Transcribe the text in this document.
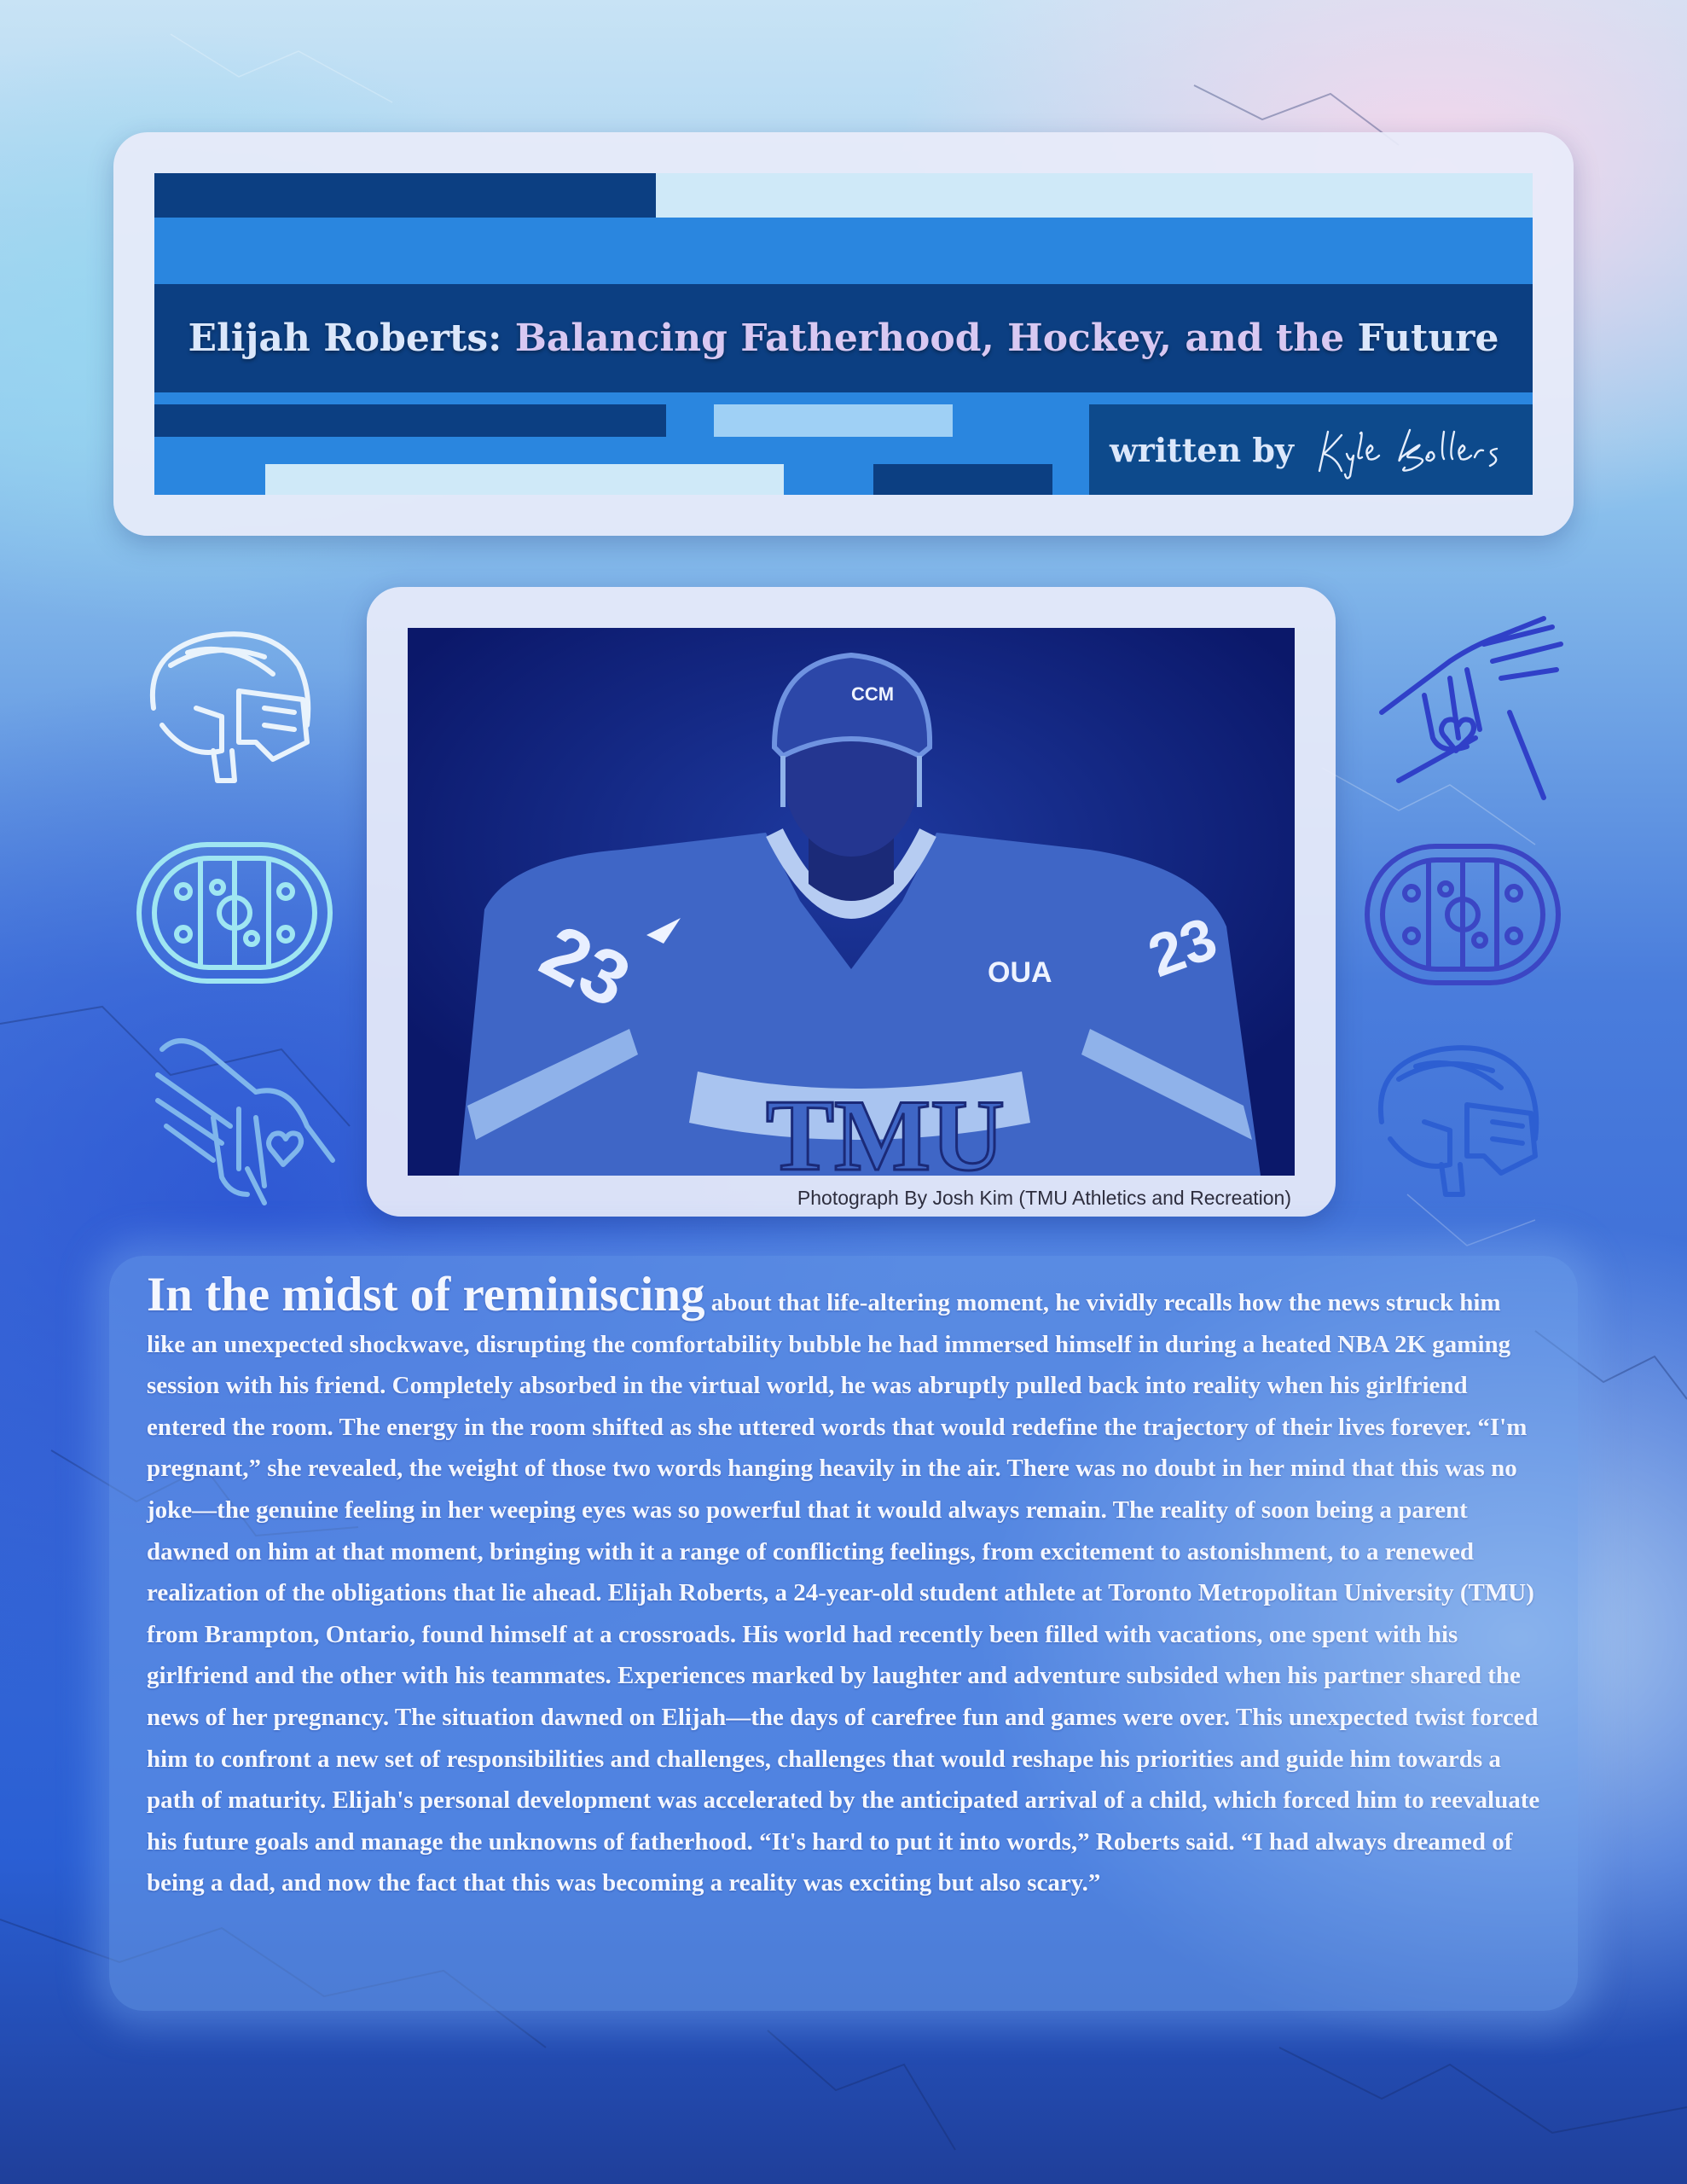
Elijah Roberts: Balancing Fatherhood, Hockey, and the Future
written by
23	23
OUA
TMU
CCM
Photograph By Josh Kim (TMU Athletics and Recreation)

In the midst of reminiscing about that life-altering moment, he vividly recalls how the news struck him like an unexpected shockwave, disrupting the comfortability bubble he had immersed himself in during a heated NBA 2K gaming session with his friend. Completely absorbed in the virtual world, he was abruptly pulled back into reality when his girlfriend entered the room. The energy in the room shifted as she uttered words that would redefine the trajectory of their lives forever. “I'm pregnant,” she revealed, the weight of those two words hanging heavily in the air. There was no doubt in her mind that this was no joke—the genuine feeling in her weeping eyes was so powerful that it would always remain. The reality of soon being a parent dawned on him at that moment, bringing with it a range of conflicting feelings, from excitement to astonishment, to a renewed realization of the obligations that lie ahead. Elijah Roberts, a 24-year-old student athlete at Toronto Metropolitan University (TMU) from Brampton, Ontario, found himself at a crossroads. His world had recently been filled with vacations, one spent with his girlfriend and the other with his teammates. Experiences marked by laughter and adventure subsided when his partner shared the news of her pregnancy. The situation dawned on Elijah—the days of carefree fun and games were over. This unexpected twist forced him to confront a new set of responsibilities and challenges, challenges that would reshape his priorities and guide him towards a path of maturity. Elijah's personal development was accelerated by the anticipated arrival of a child, which forced him to reevaluate his future goals and manage the unknowns of fatherhood. “It's hard to put it into words,” Roberts said. “I had always dreamed of being a dad, and now the fact that this was becoming a reality was exciting but also scary.”
